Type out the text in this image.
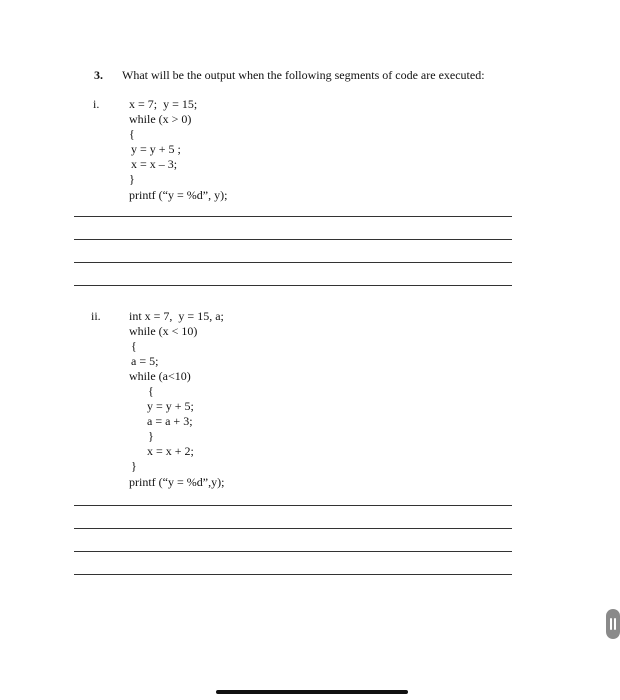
3. What will be the output when the following segments of code are executed:
i. x = 7;  y = 15;
while (x > 0)
{
y = y + 5 ;
x = x – 3;
}
printf (“y = %d”, y);
ii. int x = 7,  y = 15, a;
while (x < 10)
{
a = 5;
while (a<10)
{
y = y + 5;
a = a + 3;
}
x = x + 2;
}
printf (“y = %d”,y);
